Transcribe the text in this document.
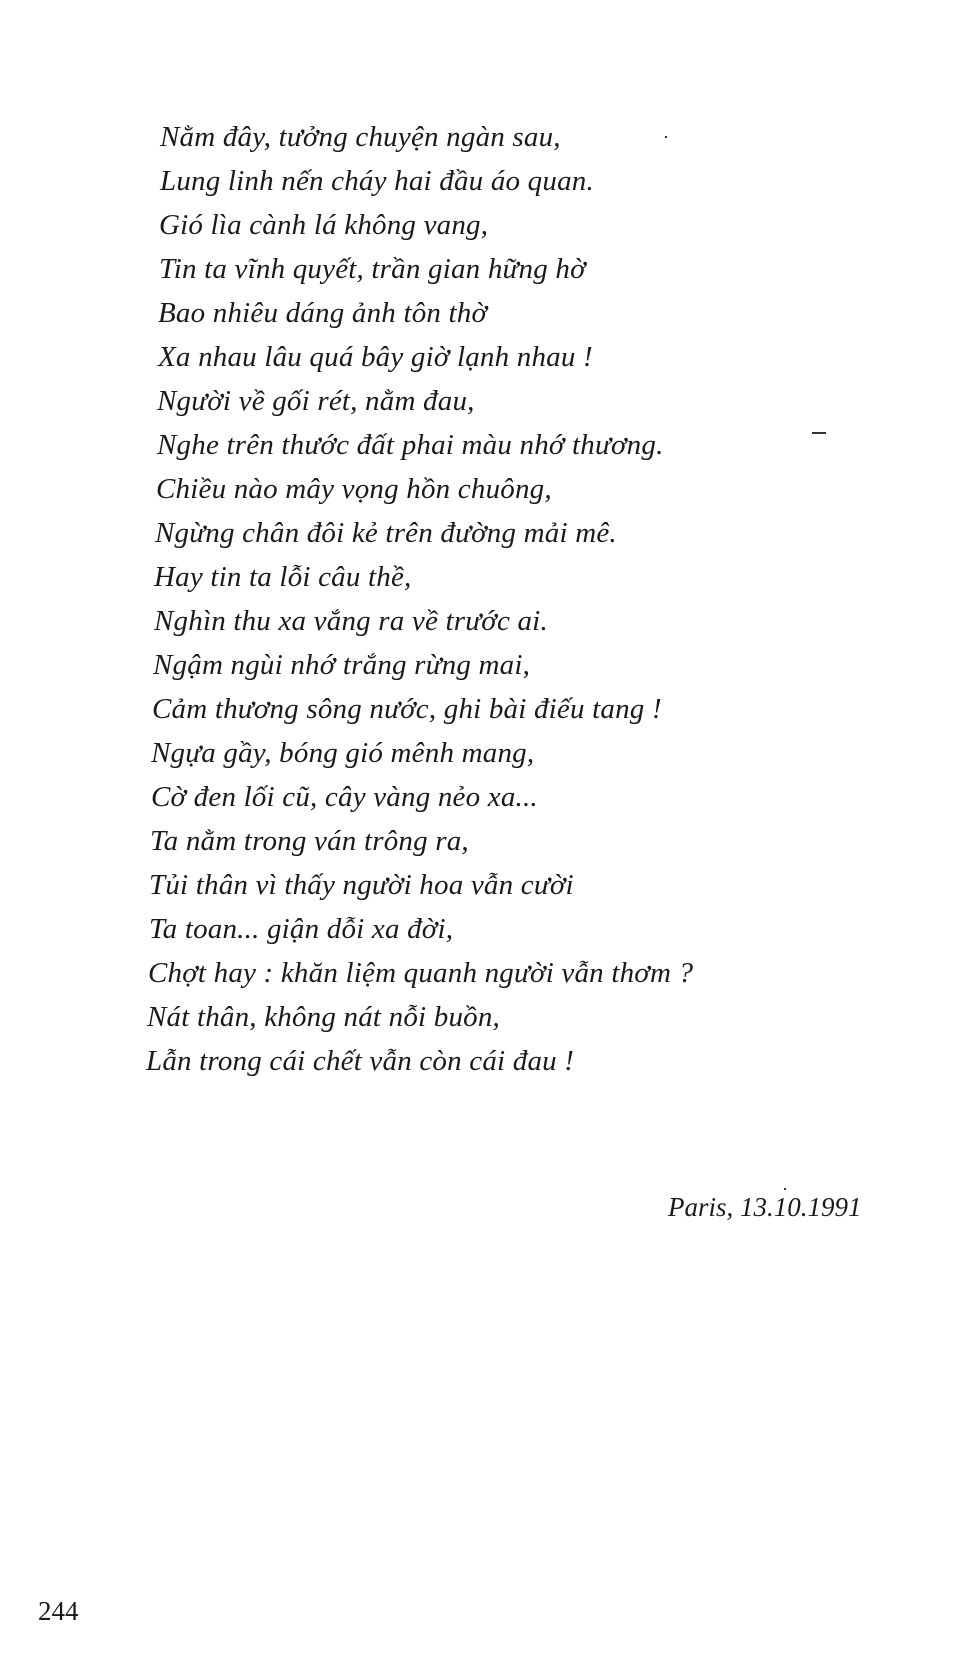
Nằm đây, tưởng chuyện ngàn sau,
Lung linh nến cháy hai đầu áo quan.
Gió lìa cành lá không vang,
Tin ta vĩnh quyết, trần gian hững hờ
Bao nhiêu dáng ảnh tôn thờ
Xa nhau lâu quá bây giờ lạnh nhau !
Người về gối rét, nằm đau,
Nghe trên thước đất phai màu nhớ thương.
Chiều nào mây vọng hồn chuông,
Ngừng chân đôi kẻ trên đường mải mê.
Hay tin ta lỗi câu thề,
Nghìn thu xa vắng ra về trước ai.
Ngậm ngùi nhớ trắng rừng mai,
Cảm thương sông nước, ghi bài điếu tang !
Ngựa gầy, bóng gió mênh mang,
Cờ đen lối cũ, cây vàng nẻo xa...
Ta nằm trong ván trông ra,
Tủi thân vì thấy người hoa vẫn cười
Ta toan... giận dỗi xa đời,
Chợt hay : khăn liệm quanh người vẫn thơm ?
Nát thân, không nát nỗi buồn,
Lẫn trong cái chết vẫn còn cái đau !
Paris, 13.10.1991
244
